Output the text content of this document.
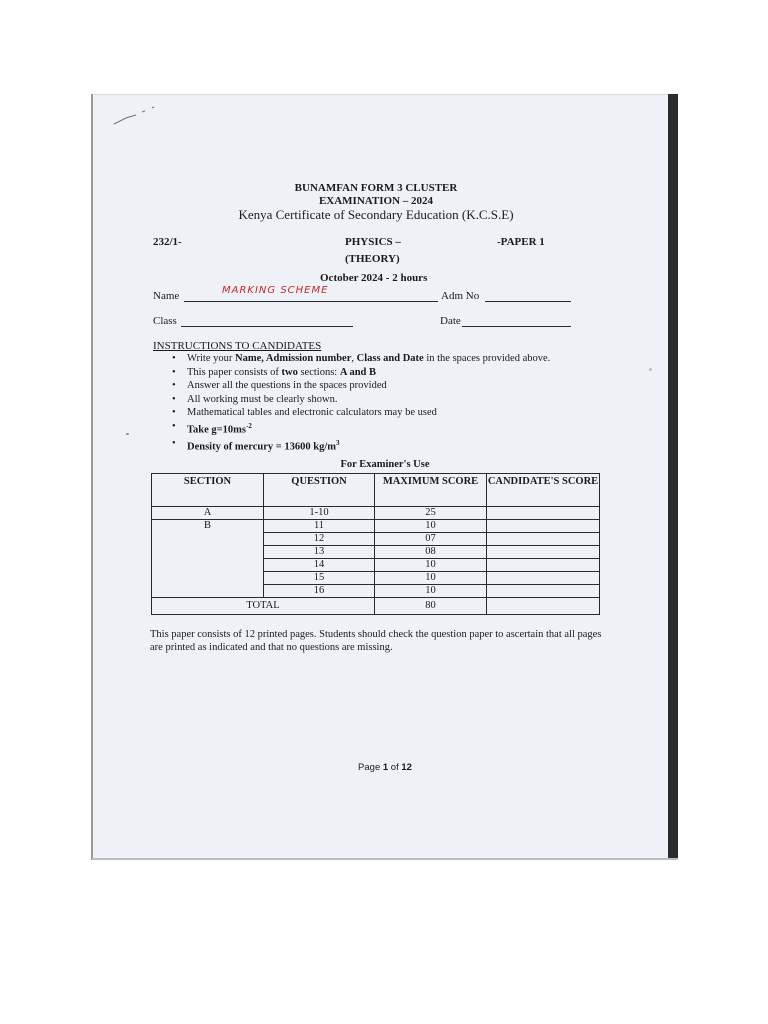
BUNAMFAN FORM 3 CLUSTER
EXAMINATION – 2024
Kenya Certificate of Secondary Education (K.C.S.E)
232/1-	PHYSICS –	-PAPER 1
(THEORY)
October 2024 - 2 hours
Name	MARKING SCHEME	Adm No
Class	Date
INSTRUCTIONS TO CANDIDATES
• Write your Name, Admission number, Class and Date in the spaces provided above.
• This paper consists of two sections: A and B
• Answer all the questions in the spaces provided
• All working must be clearly shown.
• Mathematical tables and electronic calculators may be used
• Take $g=10ms^{-2}$
• Density of mercury = 13600 $kg/m^3$
For Examiner's Use
SECTION	QUESTION	MAXIMUM SCORE	CANDIDATE'S SCORE
A	1-10	25	
B	11	10	
	12	07	
	13	08	
	14	10	
	15	10	
	16	10	
TOTAL		80	
This paper consists of 12 printed pages. Students should check the question paper to ascertain that all pages are printed as indicated and that no questions are missing.
Page 1 of 12
